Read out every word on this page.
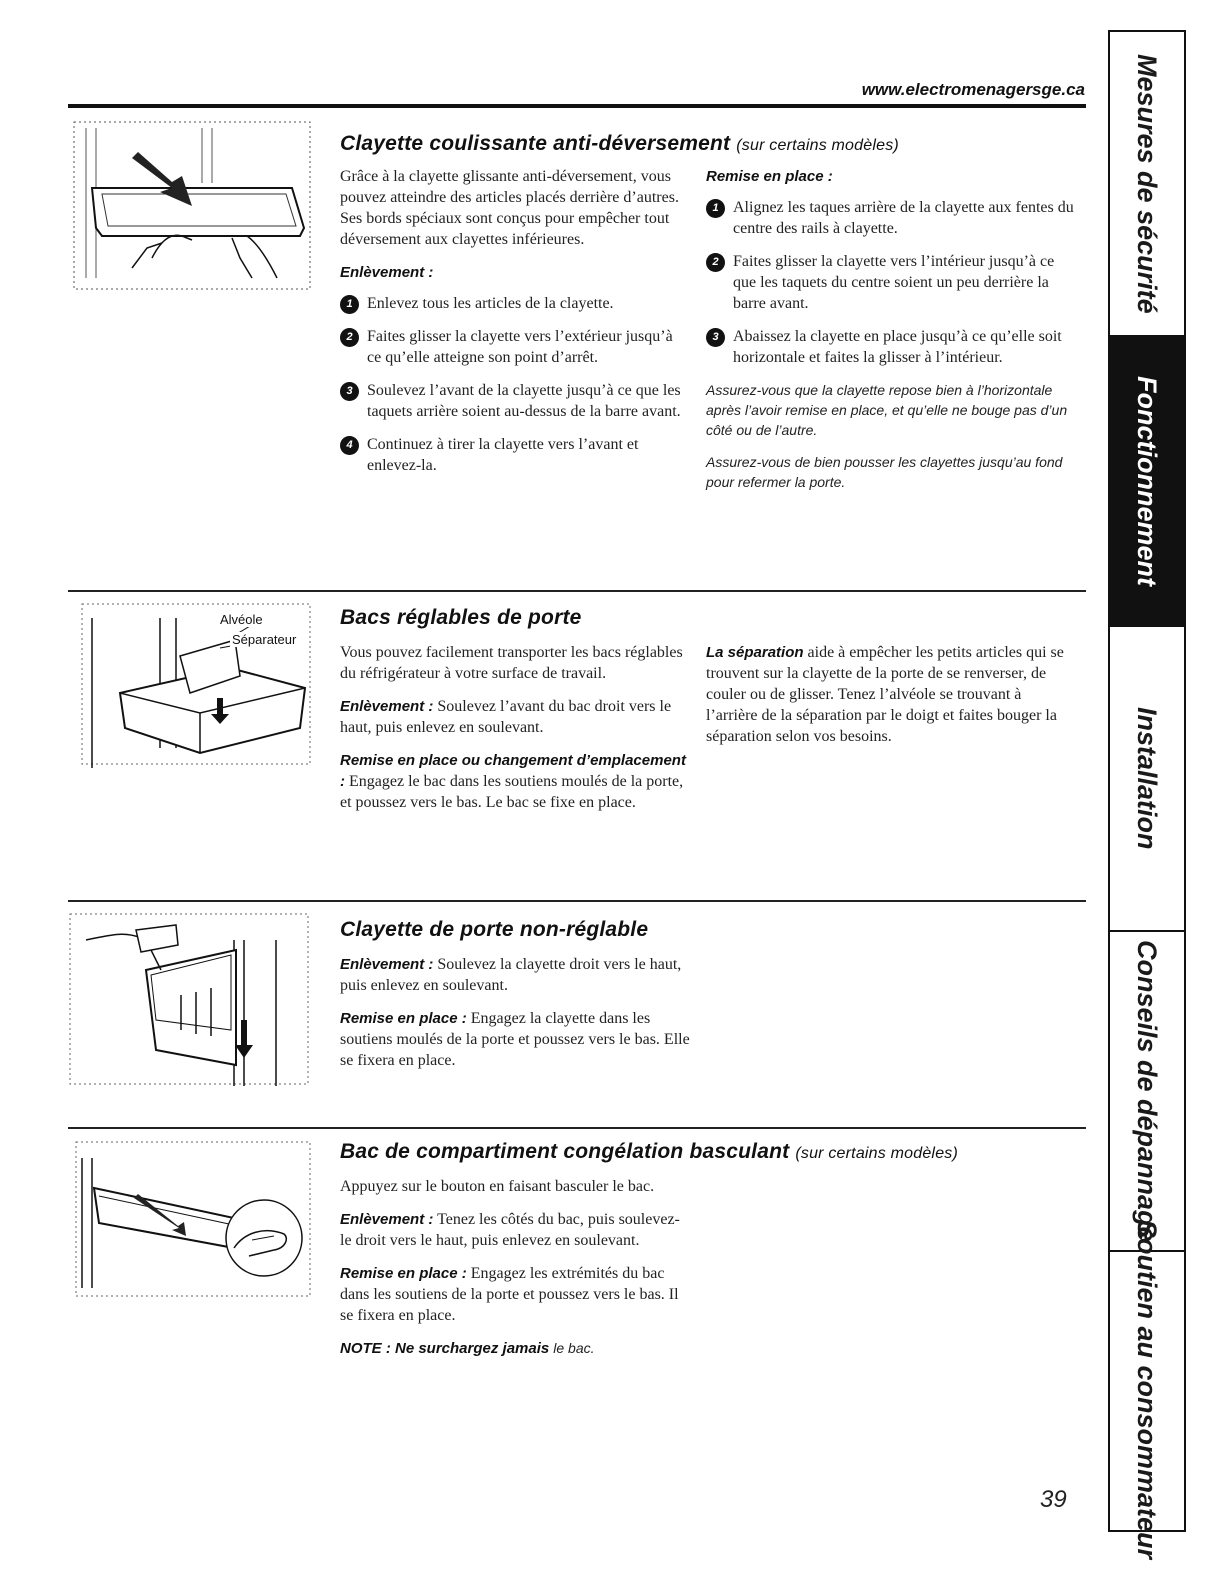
www.electromenagersge.ca
Clayette coulissante anti-déversement (sur certains modèles)

Grâce à la clayette glissante anti-déversement, vous pouvez atteindre des articles placés derrière d’autres. Ses bords spéciaux sont conçus pour empêcher tout déversement aux clayettes inférieures.

Enlèvement :

1 Enlevez tous les articles de la clayette.
2 Faites glisser la clayette vers l’extérieur jusqu’à ce qu’elle atteigne son point d’arrêt.
3 Soulevez l’avant de la clayette jusqu’à ce que les taquets arrière soient au-dessus de la barre avant.
4 Continuez à tirer la clayette vers l’avant et enlevez-la.

Remise en place :

1 Alignez les taques arrière de la clayette aux fentes du centre des rails à clayette.
2 Faites glisser la clayette vers l’intérieur jusqu’à ce que les taquets du centre soient un peu derrière la barre avant.
3 Abaissez la clayette en place jusqu’à ce qu’elle soit horizontale et faites la glisser à l’intérieur.

Assurez-vous que la clayette repose bien à l’horizontale après l’avoir remise en place, et qu’elle ne bouge pas d’un côté ou de l’autre.

Assurez-vous de bien pousser les clayettes jusqu’au fond pour refermer la porte.

Alvéole
Séparateur
Bacs réglables de porte

Vous pouvez facilement transporter les bacs réglables du réfrigérateur à votre surface de travail.

Enlèvement : Soulevez l’avant du bac droit vers le haut, puis enlevez en soulevant.

Remise en place ou changement d’emplacement : Engagez le bac dans les soutiens moulés de la porte, et poussez vers le bas. Le bac se fixe en place.

La séparation aide à empêcher les petits articles qui se trouvent sur la clayette de la porte de se renverser, de couler ou de glisser. Tenez l’alvéole se trouvant à l’arrière de la séparation par le doigt et faites bouger la séparation selon vos besoins.

Clayette de porte non-réglable

Enlèvement : Soulevez la clayette droit vers le haut, puis enlevez en soulevant.

Remise en place : Engagez la clayette dans les soutiens moulés de la porte et poussez vers le bas. Elle se fixera en place.

Bac de compartiment congélation basculant (sur certains modèles)

Appuyez sur le bouton en faisant basculer le bac.

Enlèvement : Tenez les côtés du bac, puis soulevez-le droit vers le haut, puis enlevez en soulevant.

Remise en place : Engagez les extrémités du bac dans les soutiens de la porte et poussez vers le bas. Il se fixera en place.

NOTE : Ne surchargez jamais le bac.

Mesures de sécurité
Fonctionnement
Installation
Conseils de dépannage
Soutien au consommateur
39
